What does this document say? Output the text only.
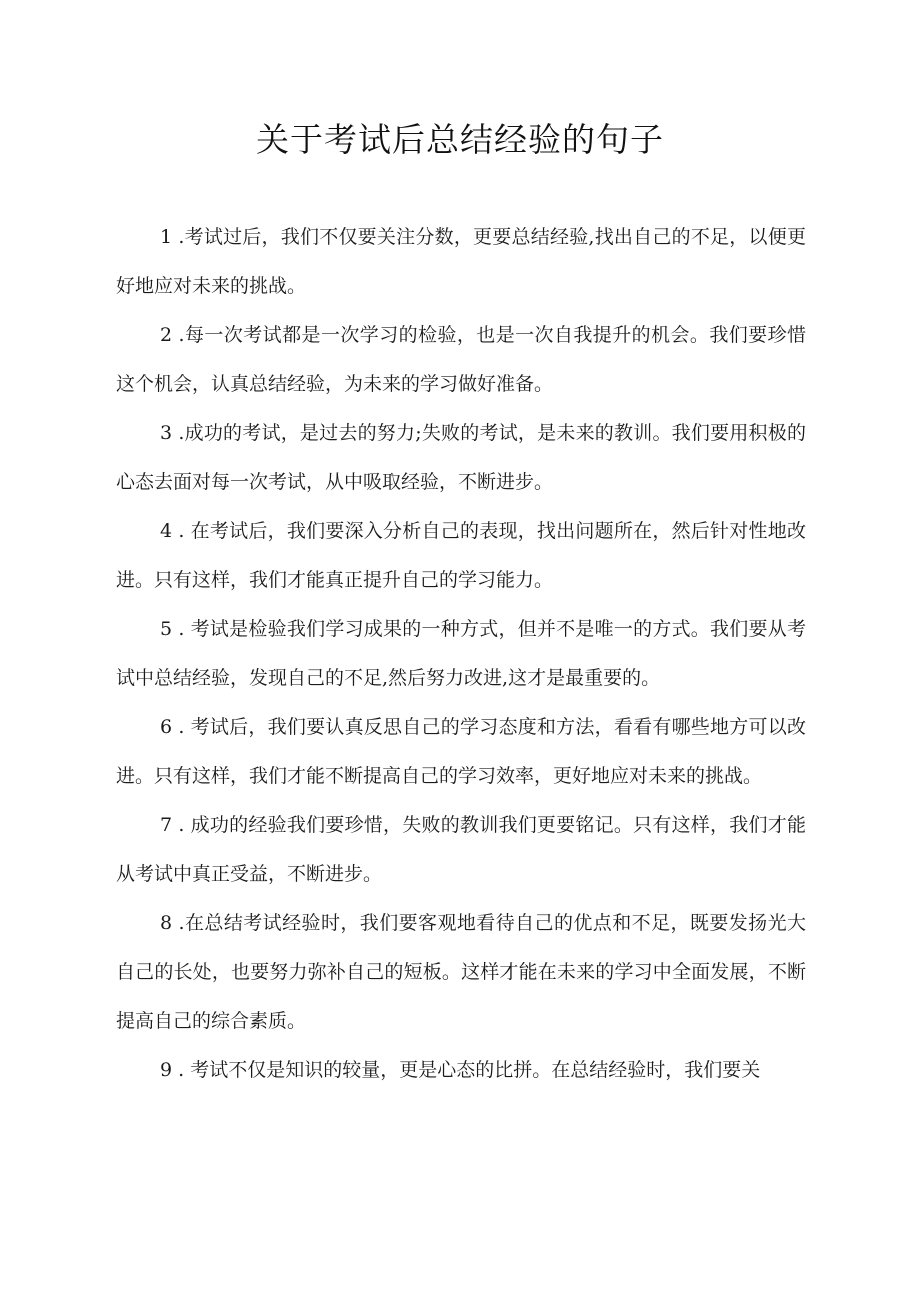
关于考试后总结经验的句子

1 .考试过后，我们不仅要关注分数，更要总结经验,找出自己的不足，以便更好地应对未来的挑战。

2 .每一次考试都是一次学习的检验，也是一次自我提升的机会。我们要珍惜这个机会，认真总结经验，为未来的学习做好准备。

3 .成功的考试，是过去的努力;失败的考试，是未来的教训。我们要用积极的心态去面对每一次考试，从中吸取经验，不断进步。

4 . 在考试后，我们要深入分析自己的表现，找出问题所在，然后针对性地改进。只有这样，我们才能真正提升自己的学习能力。

5 . 考试是检验我们学习成果的一种方式，但并不是唯一的方式。我们要从考试中总结经验，发现自己的不足,然后努力改进,这才是最重要的。

6 . 考试后，我们要认真反思自己的学习态度和方法，看看有哪些地方可以改进。只有这样，我们才能不断提高自己的学习效率，更好地应对未来的挑战。

7 . 成功的经验我们要珍惜，失败的教训我们更要铭记。只有这样，我们才能从考试中真正受益，不断进步。

8 .在总结考试经验时，我们要客观地看待自己的优点和不足，既要发扬光大自己的长处，也要努力弥补自己的短板。这样才能在未来的学习中全面发展，不断提高自己的综合素质。

9 . 考试不仅是知识的较量，更是心态的比拼。在总结经验时，我们要关
